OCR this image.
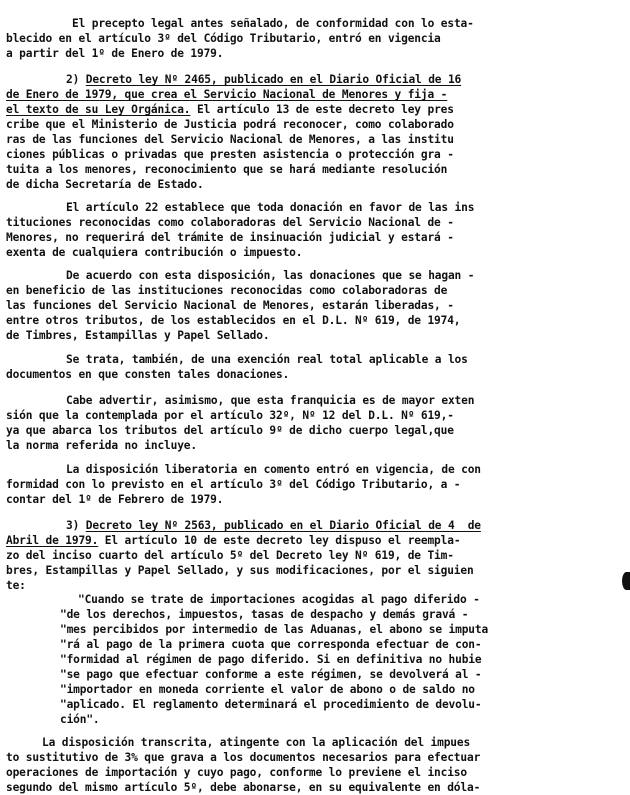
El precepto legal antes señalado, de conformidad con lo esta-
blecido en el artículo 3º del Código Tributario, entró en vigencia
a partir del 1º de Enero de 1979.
2) Decreto ley Nº 2465, publicado en el Diario Oficial de 16
de Enero de 1979, que crea el Servicio Nacional de Menores y fija -
el texto de su Ley Orgánica. El artículo 13 de este decreto ley pres
cribe que el Ministerio de Justicia podrá reconocer, como colaborado
ras de las funciones del Servicio Nacional de Menores, a las institu
ciones públicas o privadas que presten asistencia o protección gra -
tuita a los menores, reconocimiento que se hará mediante resolución
de dicha Secretaría de Estado.
El artículo 22 establece que toda donación en favor de las ins
tituciones reconocidas como colaboradoras del Servicio Nacional de -
Menores, no requerirá del trámite de insinuación judicial y estará -
exenta de cualquiera contribución o impuesto.
De acuerdo con esta disposición, las donaciones que se hagan -
en beneficio de las instituciones reconocidas como colaboradoras de
las funciones del Servicio Nacional de Menores, estarán liberadas, -
entre otros tributos, de los establecidos en el D.L. Nº 619, de 1974,
de Timbres, Estampillas y Papel Sellado.
Se trata, también, de una exención real total aplicable a los
documentos en que consten tales donaciones.
Cabe advertir, asimismo, que esta franquicia es de mayor exten
sión que la contemplada por el artículo 32º, Nº 12 del D.L. Nº 619,-
ya que abarca los tributos del artículo 9º de dicho cuerpo legal,que
la norma referida no incluye.
La disposición liberatoria en comento entró en vigencia, de con
formidad con lo previsto en el artículo 3º del Código Tributario, a -
contar del 1º de Febrero de 1979.
3) Decreto ley Nº 2563, publicado en el Diario Oficial de 4  de
Abril de 1979. El artículo 10 de este decreto ley dispuso el reempla-
zo del inciso cuarto del artículo 5º del Decreto ley Nº 619, de Tim-
bres, Estampillas y Papel Sellado, y sus modificaciones, por el siguien
te:
"Cuando se trate de importaciones acogidas al pago diferido -
"de los derechos, impuestos, tasas de despacho y demás gravá -
"mes percibidos por intermedio de las Aduanas, el abono se imputa
"rá al pago de la primera cuota que corresponda efectuar de con-
"formidad al régimen de pago diferido. Si en definitiva no hubie
"se pago que efectuar conforme a este régimen, se devolverá al -
"importador en moneda corriente el valor de abono o de saldo no
"aplicado. El reglamento determinará el procedimiento de devolu-
ción".
La disposición transcrita, atingente con la aplicación del impues
to sustitutivo de 3% que grava a los documentos necesarios para efectuar
operaciones de importación y cuyo pago, conforme lo previene el inciso
segundo del mismo artículo 5º, debe abonarse, en su equivalente en dóla-
